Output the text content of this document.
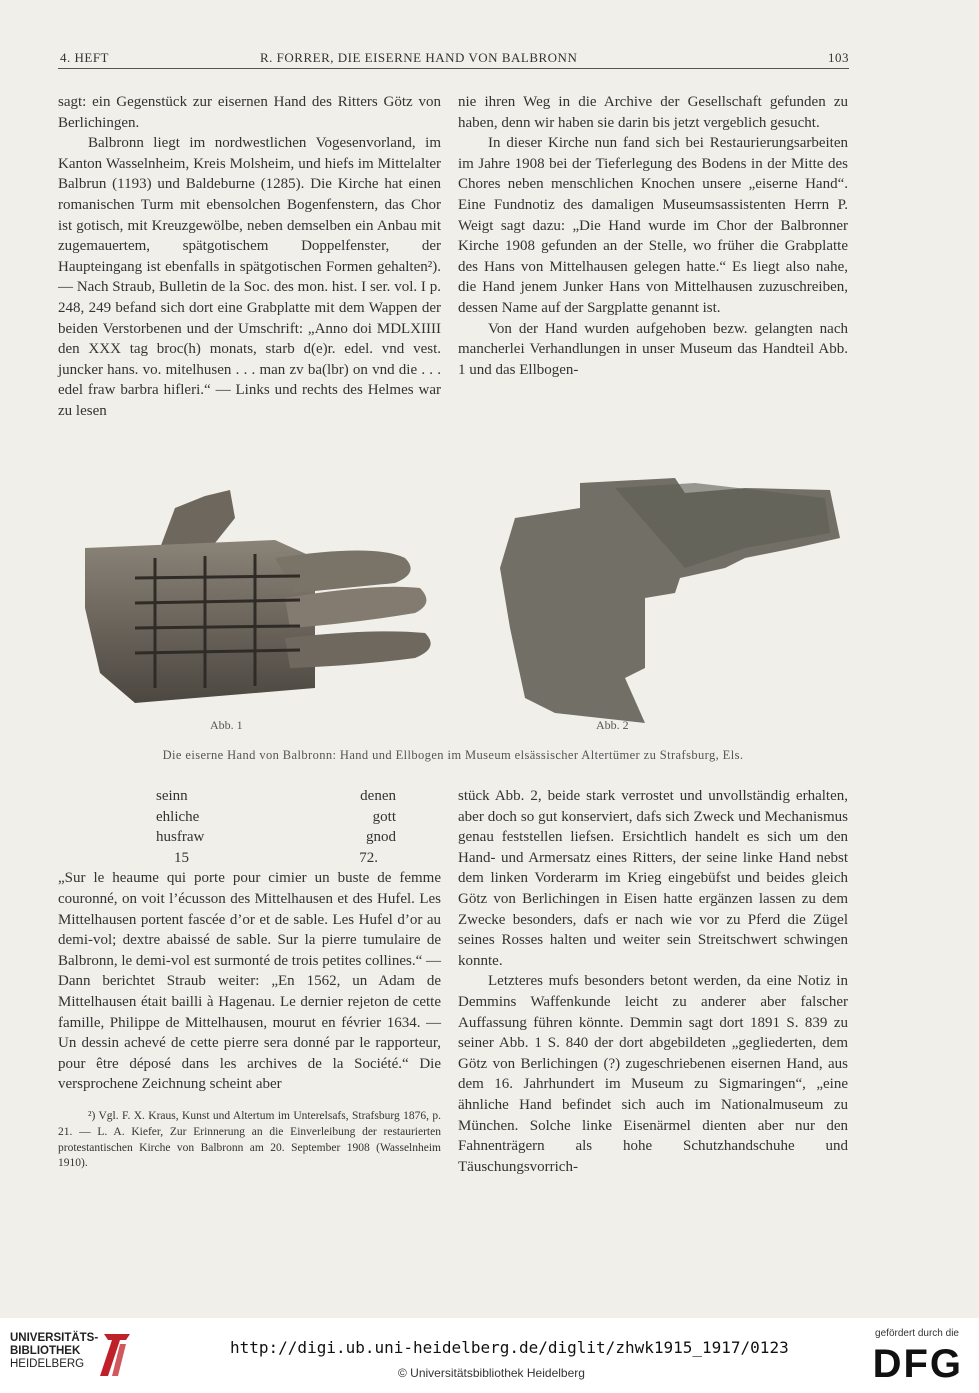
4. HEFT	R. FORRER, DIE EISERNE HAND VON BALBRONN	103

sagt: ein Gegenstück zur eisernen Hand des Ritters Götz von Berlichingen.

Balbronn liegt im nordwestlichen Vogesenvorland, im Kanton Wasselnheim, Kreis Molsheim, und hiefs im Mittelalter Balbrun (1193) und Baldeburne (1285). Die Kirche hat einen romanischen Turm mit ebensolchen Bogenfenstern, das Chor ist gotisch, mit Kreuzgewölbe, neben demselben ein Anbau mit zugemauertem, spätgotischem Doppelfenster, der Haupteingang ist ebenfalls in spätgotischen Formen gehalten²). — Nach Straub, Bulletin de la Soc. des mon. hist. I ser. vol. I p. 248, 249 befand sich dort eine Grabplatte mit dem Wappen der beiden Verstorbenen und der Umschrift: „Anno doi MDLXIIII den XXX tag broc(h) monats, starb d(e)r. edel. vnd vest. juncker hans. vo. mitelhusen . . . man zv ba(lbr) on vnd die . . . edel fraw barbra hifleri.“ — Links und rechts des Helmes war zu lesen

nie ihren Weg in die Archive der Gesellschaft gefunden zu haben, denn wir haben sie darin bis jetzt vergeblich gesucht.

In dieser Kirche nun fand sich bei Restaurierungsarbeiten im Jahre 1908 bei der Tieferlegung des Bodens in der Mitte des Chores neben menschlichen Knochen unsere „eiserne Hand“. Eine Fundnotiz des damaligen Museumsassistenten Herrn P. Weigt sagt dazu: „Die Hand wurde im Chor der Balbronner Kirche 1908 gefunden an der Stelle, wo früher die Grabplatte des Hans von Mittelhausen gelegen hatte.“ Es liegt also nahe, die Hand jenem Junker Hans von Mittelhausen zuzuschreiben, dessen Name auf der Sargplatte genannt ist.

Von der Hand wurden aufgehoben bezw. gelangten nach mancherlei Verhandlungen in unser Museum das Handteil Abb. 1 und das Ellbogen-

Abb. 1	Abb. 2
Die eiserne Hand von Balbronn: Hand und Ellbogen im Museum elsässischer Altertümer zu Strafsburg, Els.
seinn	denen
ehliche	gott
husfraw	gnod
15	72.

„Sur le heaume qui porte pour cimier un buste de femme couronné, on voit l’écusson des Mittelhausen et des Hufel. Les Mittelhausen portent fascée d’or et de sable. Les Hufel d’or au demi-vol; dextre abaissé de sable. Sur la pierre tumulaire de Balbronn, le demi-vol est surmonté de trois petites collines.“ — Dann berichtet Straub weiter: „En 1562, un Adam de Mittelhausen était bailli à Hagenau. Le dernier rejeton de cette famille, Philippe de Mittelhausen, mourut en février 1634. — Un dessin achevé de cette pierre sera donné par le rapporteur, pour être déposé dans les archives de la Société.“ Die versprochene Zeichnung scheint aber

²) Vgl. F. X. Kraus, Kunst und Altertum im Unterelsafs, Strafsburg 1876, p. 21. — L. A. Kiefer, Zur Erinnerung an die Einverleibung der restaurierten protestantischen Kirche von Balbronn am 20. September 1908 (Wasselnheim 1910).

stück Abb. 2, beide stark verrostet und unvollständig erhalten, aber doch so gut konserviert, dafs sich Zweck und Mechanismus genau feststellen liefsen. Ersichtlich handelt es sich um den Hand- und Armersatz eines Ritters, der seine linke Hand nebst dem linken Vorderarm im Krieg eingebüfst und beides gleich Götz von Berlichingen in Eisen hatte ergänzen lassen zu dem Zwecke besonders, dafs er nach wie vor zu Pferd die Zügel seines Rosses halten und weiter sein Streitschwert schwingen konnte.

Letzteres mufs besonders betont werden, da eine Notiz in Demmins Waffenkunde leicht zu anderer aber falscher Auffassung führen könnte. Demmin sagt dort 1891 S. 839 zu seiner Abb. 1 S. 840 der dort abgebildeten „gegliederten, dem Götz von Berlichingen (?) zugeschriebenen eisernen Hand, aus dem 16. Jahrhundert im Museum zu Sigmaringen“, „eine ähnliche Hand befindet sich auch im Nationalmuseum zu München. Solche linke Eisenärmel dienten aber nur den Fahnenträgern als hohe Schutzhandschuhe und Täuschungsvorrich-

UNIVERSITÄTS-
BIBLIOTHEK
HEIDELBERG
http://digi.ub.uni-heidelberg.de/diglit/zhwk1915_1917/0123
© Universitätsbibliothek Heidelberg
gefördert durch die
DFG
